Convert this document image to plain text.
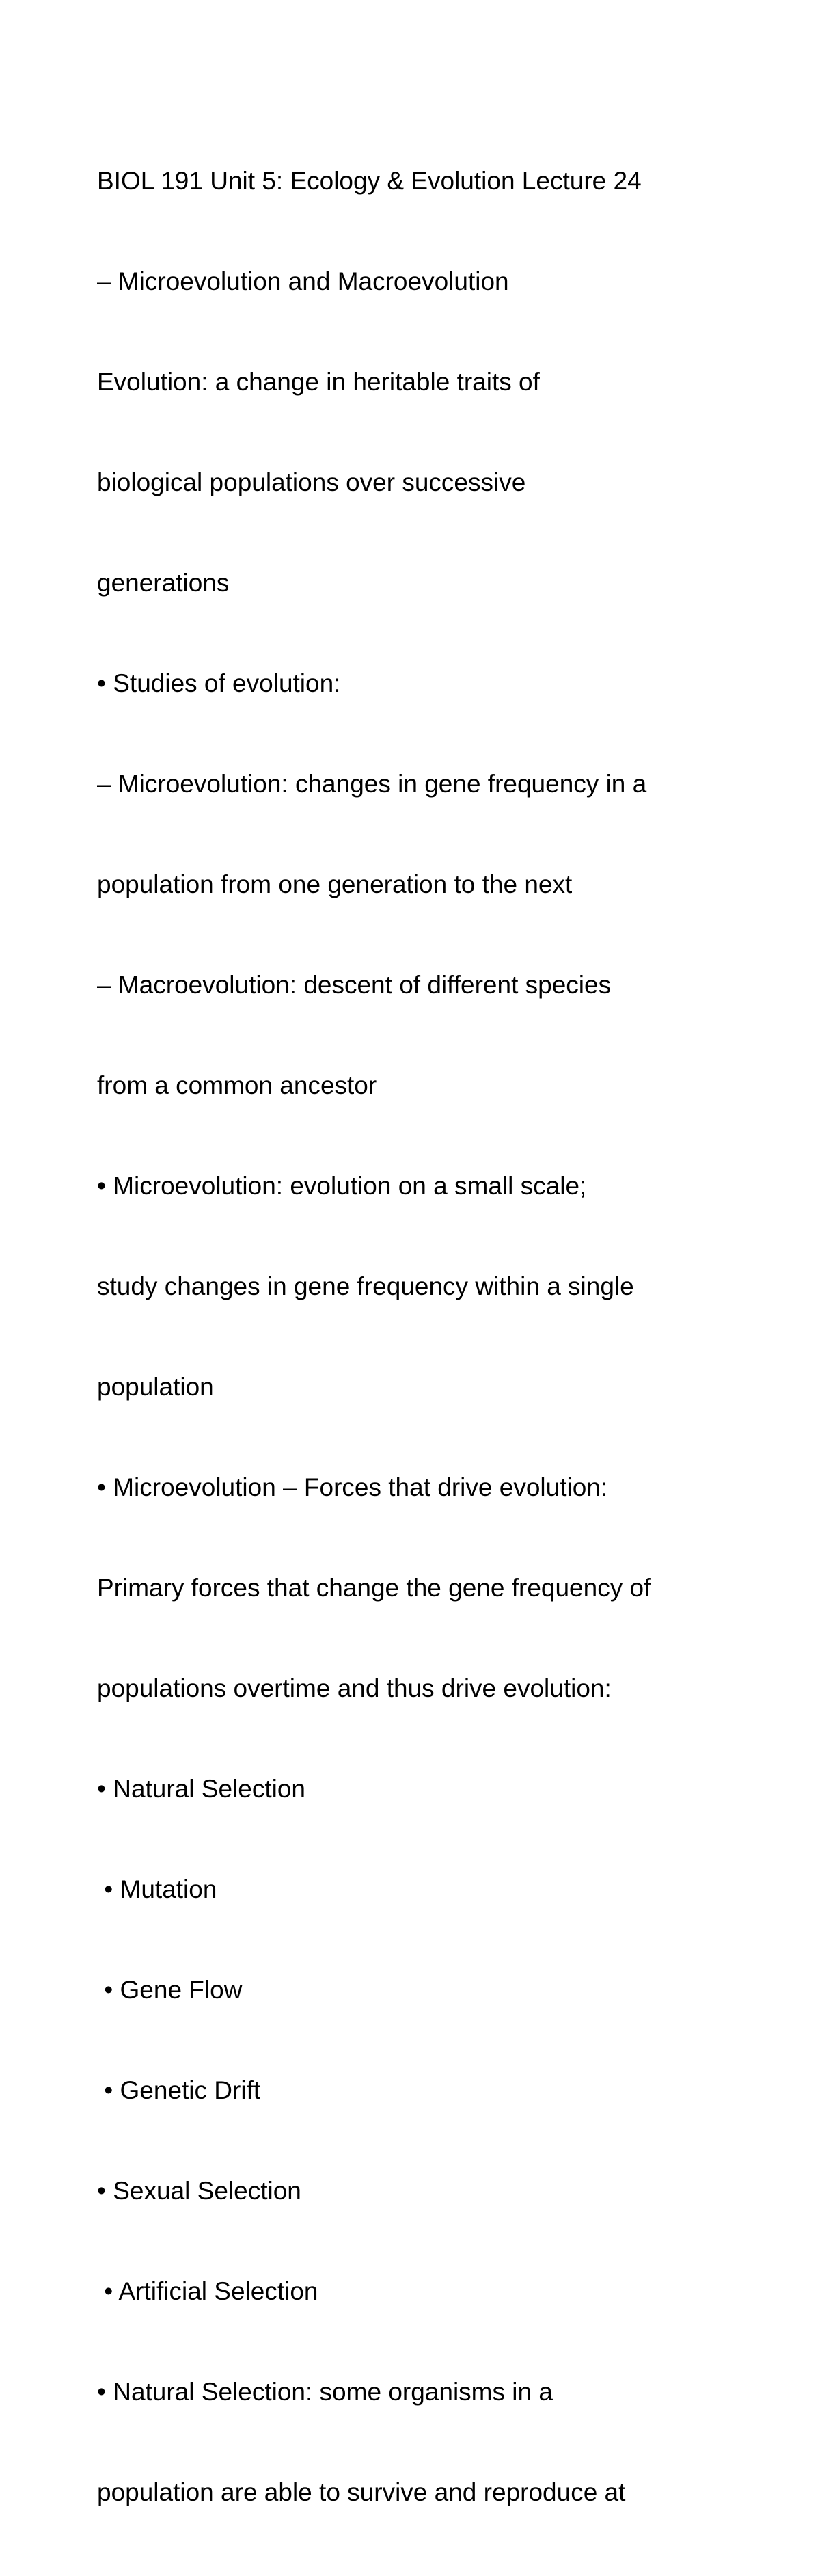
BIOL 191 Unit 5: Ecology & Evolution Lecture 24

– Microevolution and Macroevolution

Evolution: a change in heritable traits of

biological populations over successive

generations

• Studies of evolution:

– Microevolution: changes in gene frequency in a

population from one generation to the next

– Macroevolution: descent of different species

from a common ancestor

• Microevolution: evolution on a small scale;

study changes in gene frequency within a single

population

• Microevolution – Forces that drive evolution:

Primary forces that change the gene frequency of

populations overtime and thus drive evolution:

• Natural Selection

• Mutation

• Gene Flow

• Genetic Drift

• Sexual Selection

• Artificial Selection

• Natural Selection: some organisms in a

population are able to survive and reproduce at
